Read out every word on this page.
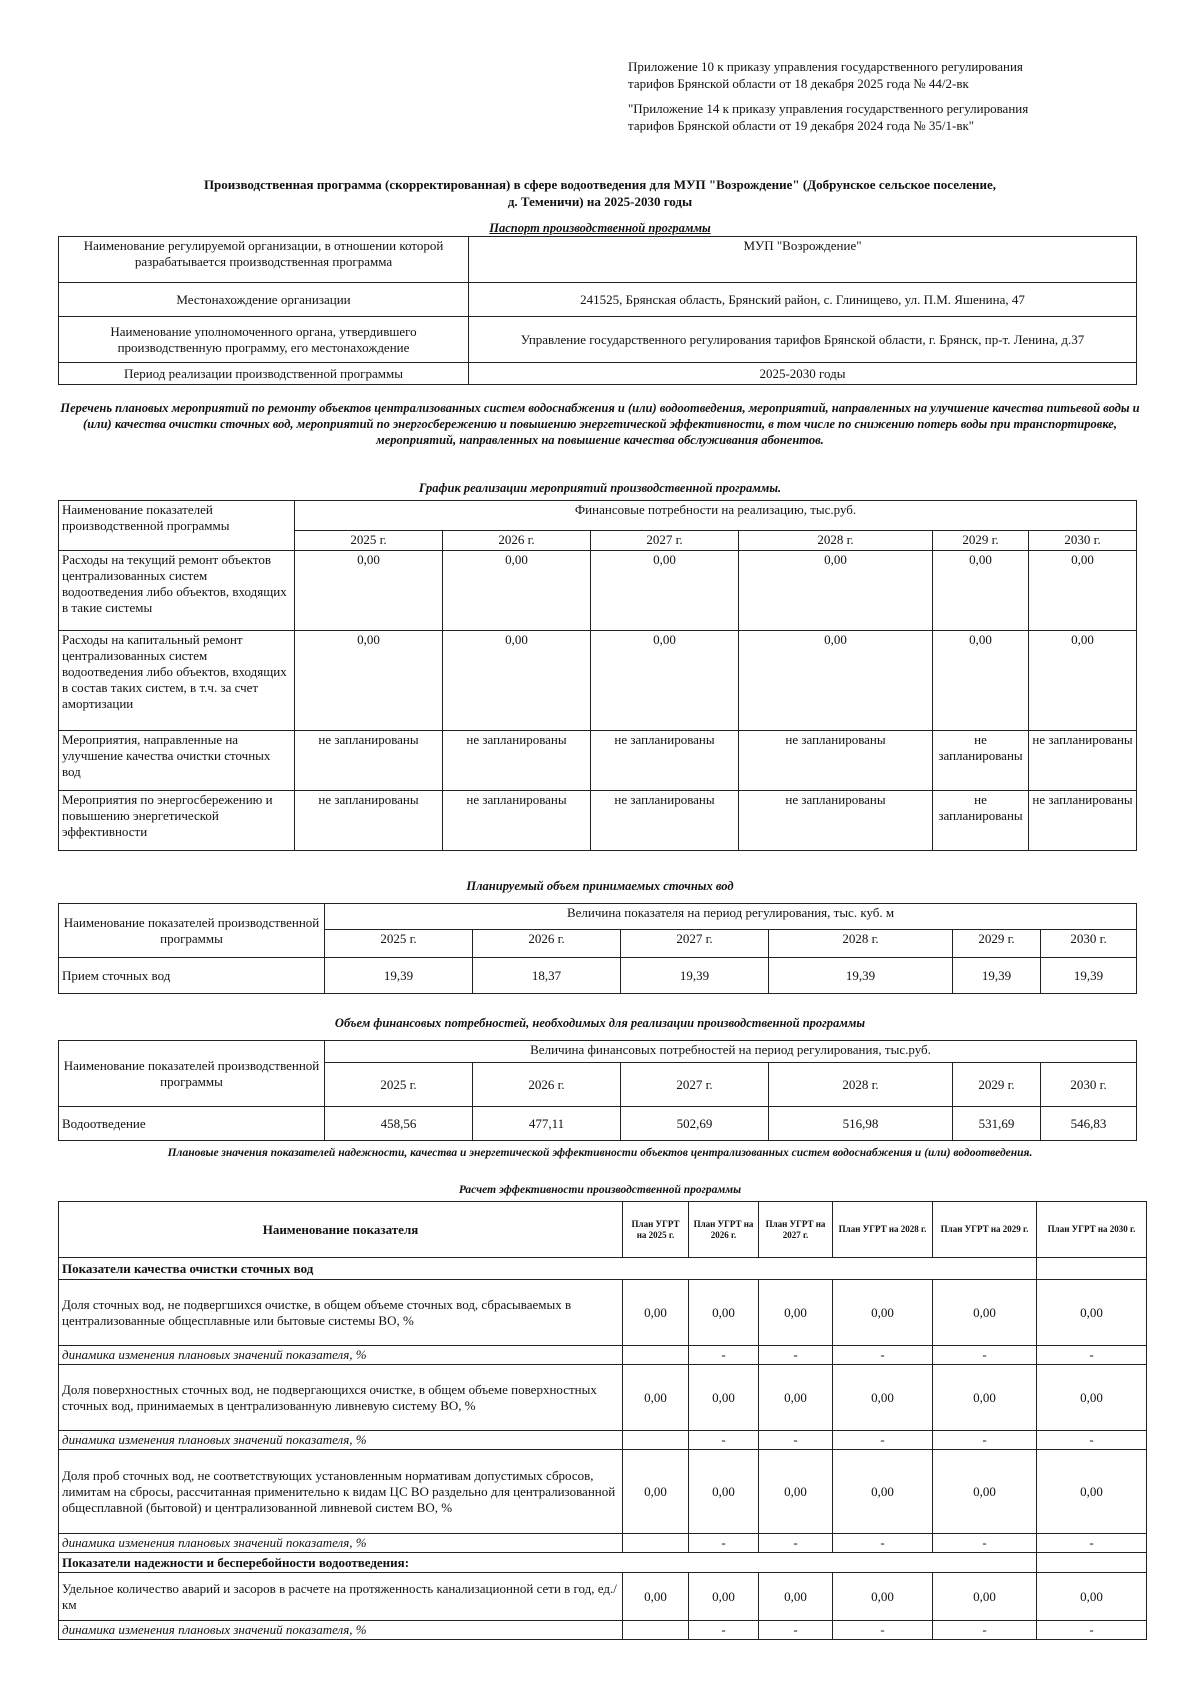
Приложение 10 к приказу управления государственного регулирования
тарифов Брянской области от 18 декабря 2025 года № 44/2-вк
"Приложение 14 к приказу управления государственного регулирования
тарифов Брянской области от 19 декабря 2024 года № 35/1-вк"
Производственная программа (скорректированная) в сфере водоотведения для МУП "Возрождение" (Добрунское сельское поселение,
д. Теменичи) на 2025-2030 годы
Паспорт производственной программы
Наименование регулируемой организации, в отношении которой разрабатывается производственная программа	МУП "Возрождение"
Местонахождение организации	241525, Брянская область, Брянский район, с. Глинищево, ул. П.М. Яшенина, 47
Наименование уполномоченного органа, утвердившего производственную программу, его местонахождение	Управление государственного регулирования тарифов Брянской области, г. Брянск, пр-т. Ленина, д.37
Период реализации производственной программы	2025-2030 годы
Перечень плановых мероприятий по ремонту объектов централизованных систем водоснабжения и (или) водоотведения, мероприятий, направленных на улучшение качества питьевой воды и (или) качества очистки сточных вод, мероприятий по энергосбережению и повышению энергетической эффективности, в том числе по снижению потерь воды при транспортировке, мероприятий, направленных на повышение качества обслуживания абонентов.
График реализации мероприятий производственной программы.
Наименование показателей производственной программы	Финансовые потребности на реализацию, тыс.руб.					
	2025 г.	2026 г.	2027 г.	2028 г.	2029 г.	2030 г.
Расходы на текущий ремонт объектов централизованных систем водоотведения либо объектов, входящих в такие системы	0,00	0,00	0,00	0,00	0,00	0,00
Расходы на капитальный ремонт централизованных систем водоотведения либо объектов, входящих в состав таких систем, в т.ч. за счет амортизации	0,00	0,00	0,00	0,00	0,00	0,00
Мероприятия, направленные на улучшение качества очистки сточных вод	не запланированы	не запланированы	не запланированы	не запланированы	не запланированы	не запланированы
Мероприятия по энергосбережению и повышению энергетической эффективности	не запланированы	не запланированы	не запланированы	не запланированы	не запланированы	не запланированы
Планируемый объем принимаемых сточных вод
Наименование показателей производственной программы	Величина показателя на период регулирования, тыс. куб. м					
	2025 г.	2026 г.	2027 г.	2028 г.	2029 г.	2030 г.
Прием сточных вод	19,39	18,37	19,39	19,39	19,39	19,39
Объем финансовых потребностей, необходимых для реализации производственной программы
Наименование показателей производственной программы	Величина финансовых потребностей на период регулирования, тыс.руб.					
	2025 г.	2026 г.	2027 г.	2028 г.	2029 г.	2030 г.
Водоотведение	458,56	477,11	502,69	516,98	531,69	546,83
Плановые значения показателей надежности, качества и энергетической эффективности объектов централизованных систем водоснабжения и (или) водоотведения.
Расчет эффективности производственной программы
Наименование показателя	План УГРТ на 2025 г.	План УГРТ на 2026 г.	План УГРТ на 2027 г.	План УГРТ на 2028 г.	План УГРТ на 2029 г.	План УГРТ на 2030 г.
Показатели качества очистки сточных вод						
Доля сточных вод, не подвергшихся очистке, в общем объеме сточных вод, сбрасываемых в централизованные общесплавные или бытовые системы ВО, %	0,00	0,00	0,00	0,00	0,00	0,00
динамика изменения плановых значений показателя, %		-	-	-	-	-
Доля поверхностных сточных вод, не подвергающихся очистке, в общем объеме поверхностных сточных вод, принимаемых в централизованную ливневую систему ВО, %	0,00	0,00	0,00	0,00	0,00	0,00
динамика изменения плановых значений показателя, %		-	-	-	-	-
Доля проб сточных вод, не соответствующих установленным нормативам допустимых сбросов, лимитам на сбросы, рассчитанная применительно к видам ЦС ВО раздельно для централизованной общесплавной (бытовой) и централизованной ливневой систем ВО, %	0,00	0,00	0,00	0,00	0,00	0,00
динамика изменения плановых значений показателя, %		-	-	-	-	-
Показатели надежности и бесперебойности водоотведения:						
Удельное количество аварий и засоров в расчете на протяженность канализационной сети в год, ед./км	0,00	0,00	0,00	0,00	0,00	0,00
динамика изменения плановых значений показателя, %		-	-	-	-	-
